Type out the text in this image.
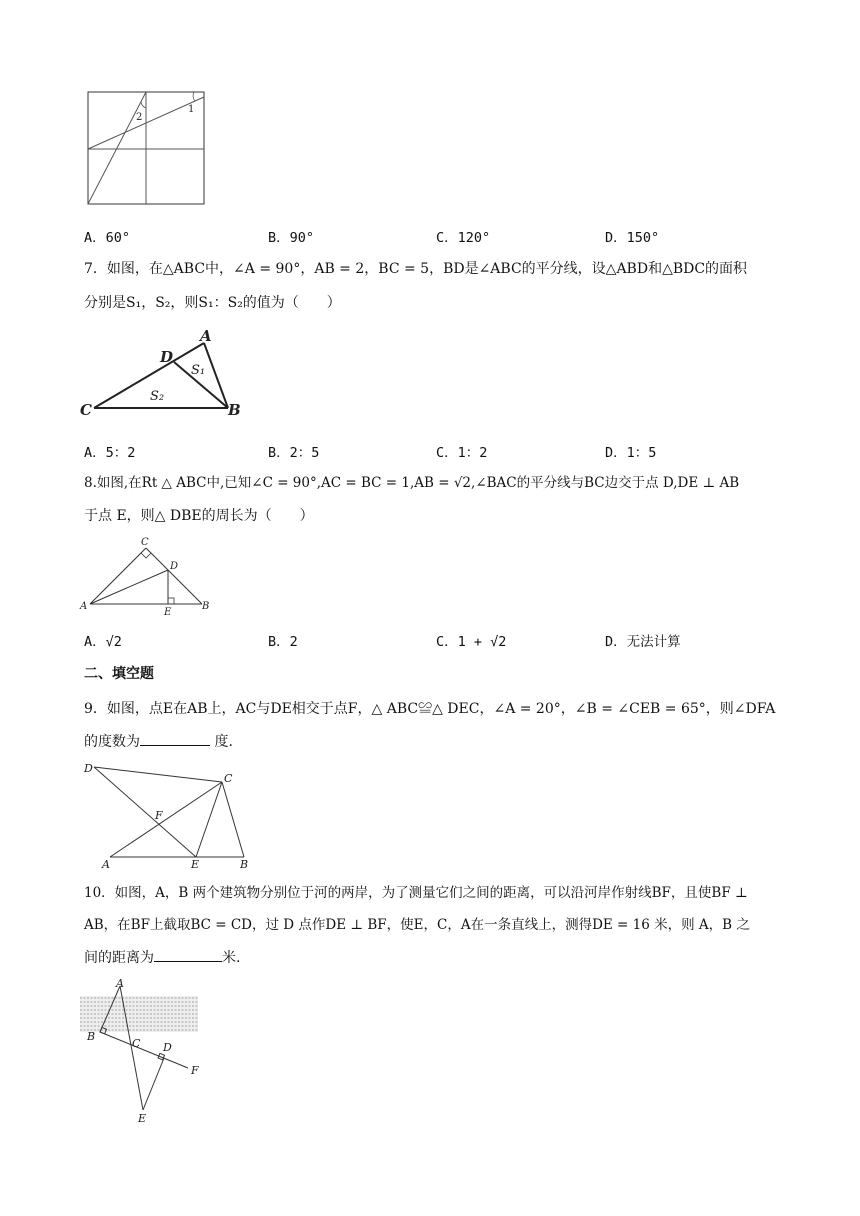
2
1
A．60°	B．90°	C．120°	D．150°
7．如图，在△ABC中，∠A = 90°，AB = 2，BC = 5，BD是∠ABC的平分线，设△ABD和△BDC的面积
分别是S₁，S₂，则S₁：S₂的值为（　　）
A
D
C	B
S₁
S₂
A．5：2	B．2：5	C．1：2	D．1：5
8.如图,在Rt △ ABC中,已知∠C = 90°,AC = BC = 1,AB = √2,∠BAC的平分线与BC边交于点 D,DE ⊥ AB
于点 E，则△ DBE的周长为（　　）
C
D
A
E
B
A．√2	B．2	C．1 + √2	D．无法计算
二、填空题
9．如图，点E在AB上，AC与DE相交于点F，△ ABC≌△ DEC，∠A = 20°，∠B = ∠CEB = 65°，则∠DFA
的度数为	度.
D
C
F
A	E	B
10．如图，A，B 两个建筑物分别位于河的两岸，为了测量它们之间的距离，可以沿河岸作射线BF，且使BF ⊥
AB，在BF上截取BC = CD，过 D 点作DE ⊥ BF，使E，C，A在一条直线上，测得DE = 16 米，则 A，B 之
间的距离为	米.
A
B
C D
F
E
